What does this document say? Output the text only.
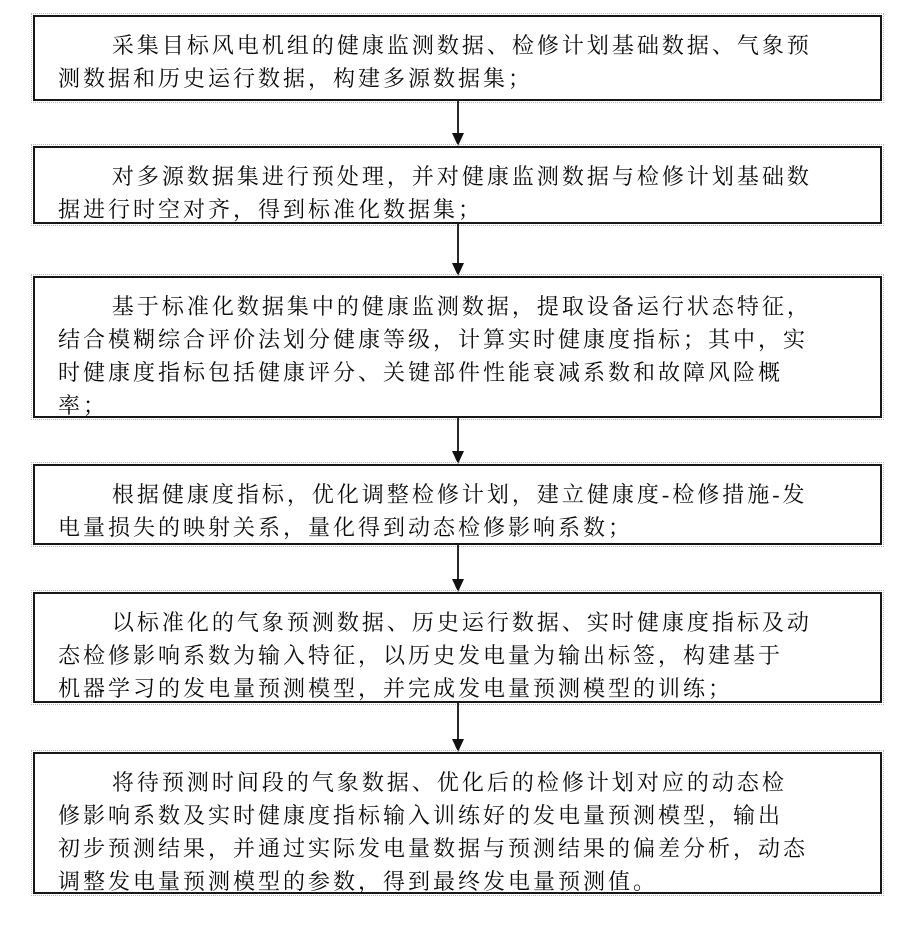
采集目标风电机组的健康监测数据、检修计划基础数据、气象预
测数据和历史运行数据，构建多源数据集；
对多源数据集进行预处理，并对健康监测数据与检修计划基础数
据进行时空对齐，得到标准化数据集；
基于标准化数据集中的健康监测数据，提取设备运行状态特征，
结合模糊综合评价法划分健康等级，计算实时健康度指标；其中，实
时健康度指标包括健康评分、关键部件性能衰减系数和故障风险概
率；
根据健康度指标，优化调整检修计划，建立健康度-检修措施-发
电量损失的映射关系，量化得到动态检修影响系数；
以标准化的气象预测数据、历史运行数据、实时健康度指标及动
态检修影响系数为输入特征，以历史发电量为输出标签，构建基于
机器学习的发电量预测模型，并完成发电量预测模型的训练；
将待预测时间段的气象数据、优化后的检修计划对应的动态检
修影响系数及实时健康度指标输入训练好的发电量预测模型，输出
初步预测结果，并通过实际发电量数据与预测结果的偏差分析，动态
调整发电量预测模型的参数，得到最终发电量预测值。
